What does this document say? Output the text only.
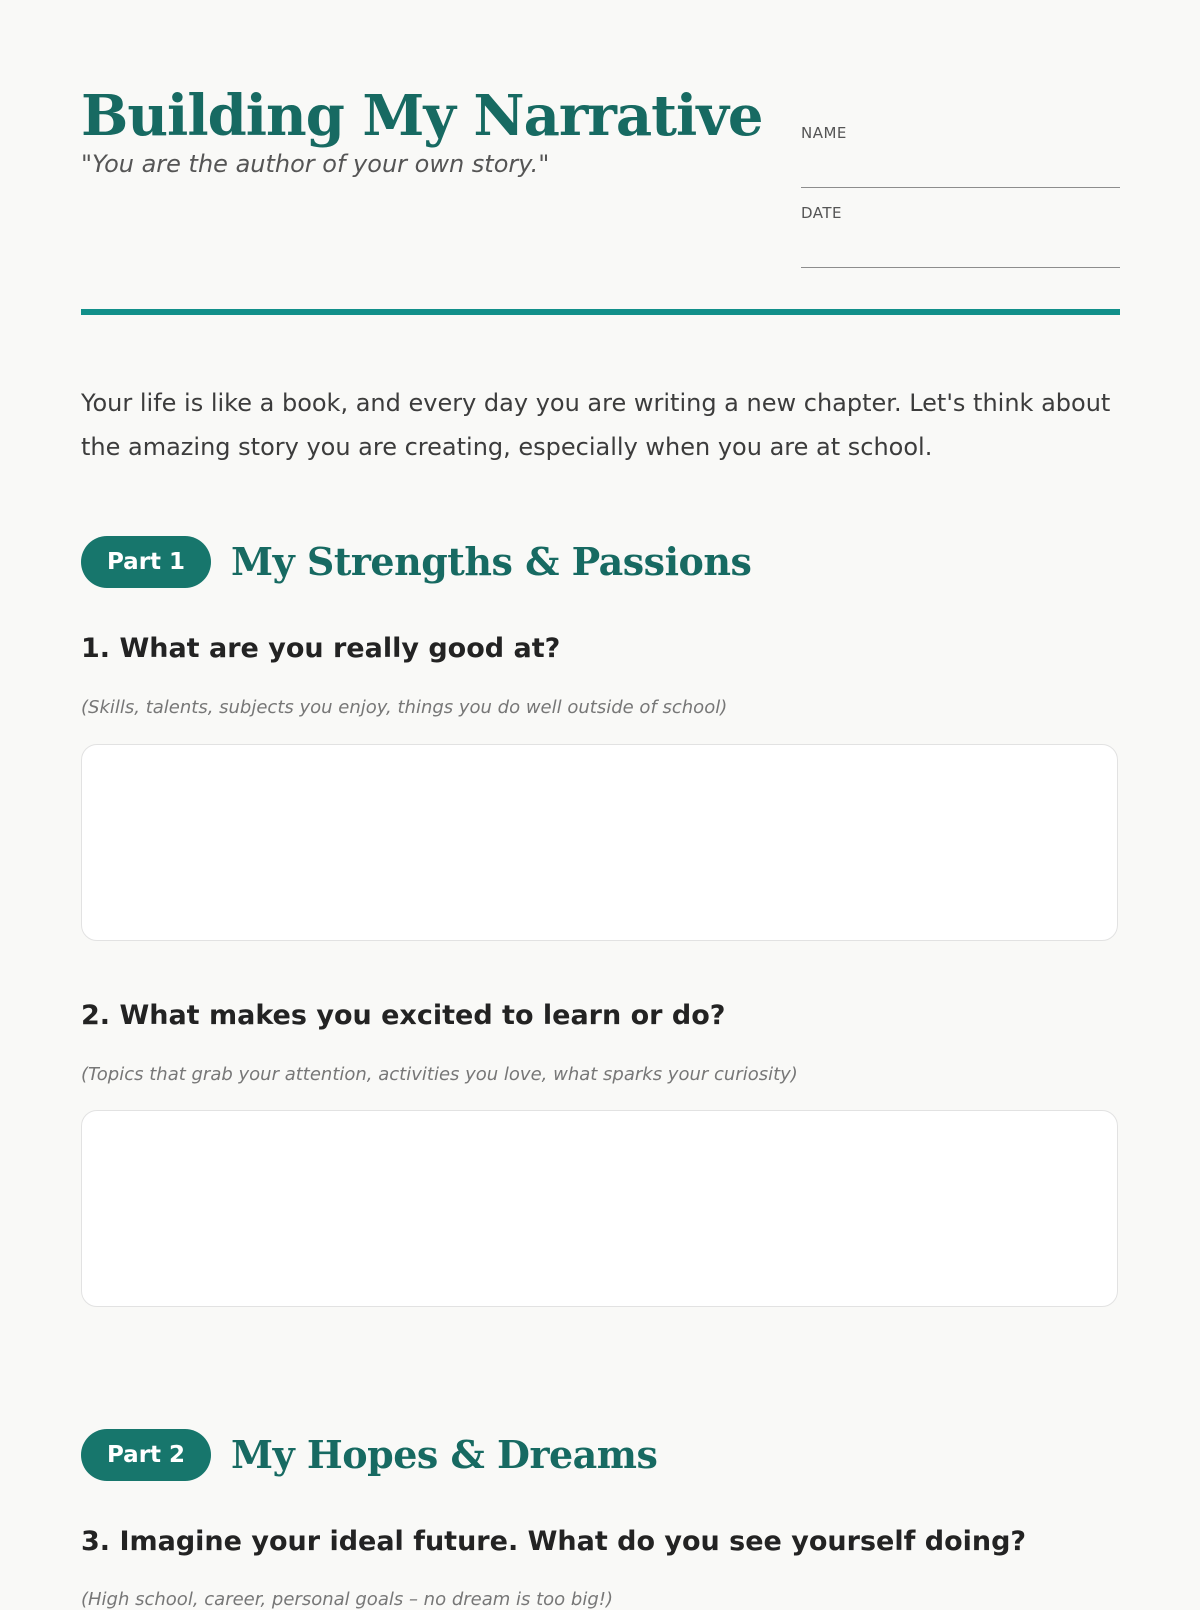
Building My Narrative

"You are the author of your own story."

NAME
DATE

Your life is like a book, and every day you are writing a new chapter. Let's think about the amazing story you are creating, especially when you are at school.

Part 1	My Strengths & Passions

1. What are you really good at?

(Skills, talents, subjects you enjoy, things you do well outside of school)

2. What makes you excited to learn or do?

(Topics that grab your attention, activities you love, what sparks your curiosity)

Part 2	My Hopes & Dreams

3. Imagine your ideal future. What do you see yourself doing?

(High school, career, personal goals – no dream is too big!)
